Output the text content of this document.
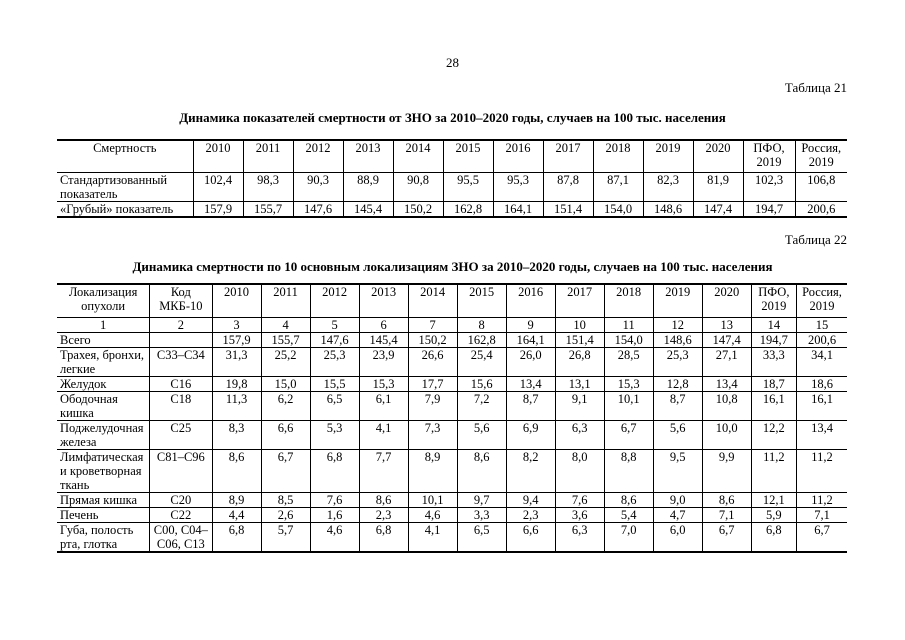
28
Таблица 21
Динамика показателей смертности от ЗНО за 2010–2020 годы, случаев на 100 тыс. населения
Смертность	2010	2011	2012	2013	2014	2015	2016	2017	2018	2019	2020	ПФО, 2019	Россия, 2019
Стандартизованный показатель	102,4	98,3	90,3	88,9	90,8	95,5	95,3	87,8	87,1	82,3	81,9	102,3	106,8
«Грубый» показатель	157,9	155,7	147,6	145,4	150,2	162,8	164,1	151,4	154,0	148,6	147,4	194,7	200,6
Таблица 22
Динамика смертности по 10 основным локализациям ЗНО за 2010–2020 годы, случаев на 100 тыс. населения
Локализация опухоли	Код МКБ-10	2010	2011	2012	2013	2014	2015	2016	2017	2018	2019	2020	ПФО, 2019	Россия, 2019
1	2	3	4	5	6	7	8	9	10	11	12	13	14	15
Всего		157,9	155,7	147,6	145,4	150,2	162,8	164,1	151,4	154,0	148,6	147,4	194,7	200,6
Трахея, бронхи, легкие	С33–С34	31,3	25,2	25,3	23,9	26,6	25,4	26,0	26,8	28,5	25,3	27,1	33,3	34,1
Желудок	С16	19,8	15,0	15,5	15,3	17,7	15,6	13,4	13,1	15,3	12,8	13,4	18,7	18,6
Ободочная кишка	С18	11,3	6,2	6,5	6,1	7,9	7,2	8,7	9,1	10,1	8,7	10,8	16,1	16,1
Поджелудочная железа	С25	8,3	6,6	5,3	4,1	7,3	5,6	6,9	6,3	6,7	5,6	10,0	12,2	13,4
Лимфатическая и кроветворная ткань	С81–С96	8,6	6,7	6,8	7,7	8,9	8,6	8,2	8,0	8,8	9,5	9,9	11,2	11,2
Прямая кишка	С20	8,9	8,5	7,6	8,6	10,1	9,7	9,4	7,6	8,6	9,0	8,6	12,1	11,2
Печень	С22	4,4	2,6	1,6	2,3	4,6	3,3	2,3	3,6	5,4	4,7	7,1	5,9	7,1
Губа, полость рта, глотка	С00, С04–С06, С13	6,8	5,7	4,6	6,8	4,1	6,5	6,6	6,3	7,0	6,0	6,7	6,8	6,7
